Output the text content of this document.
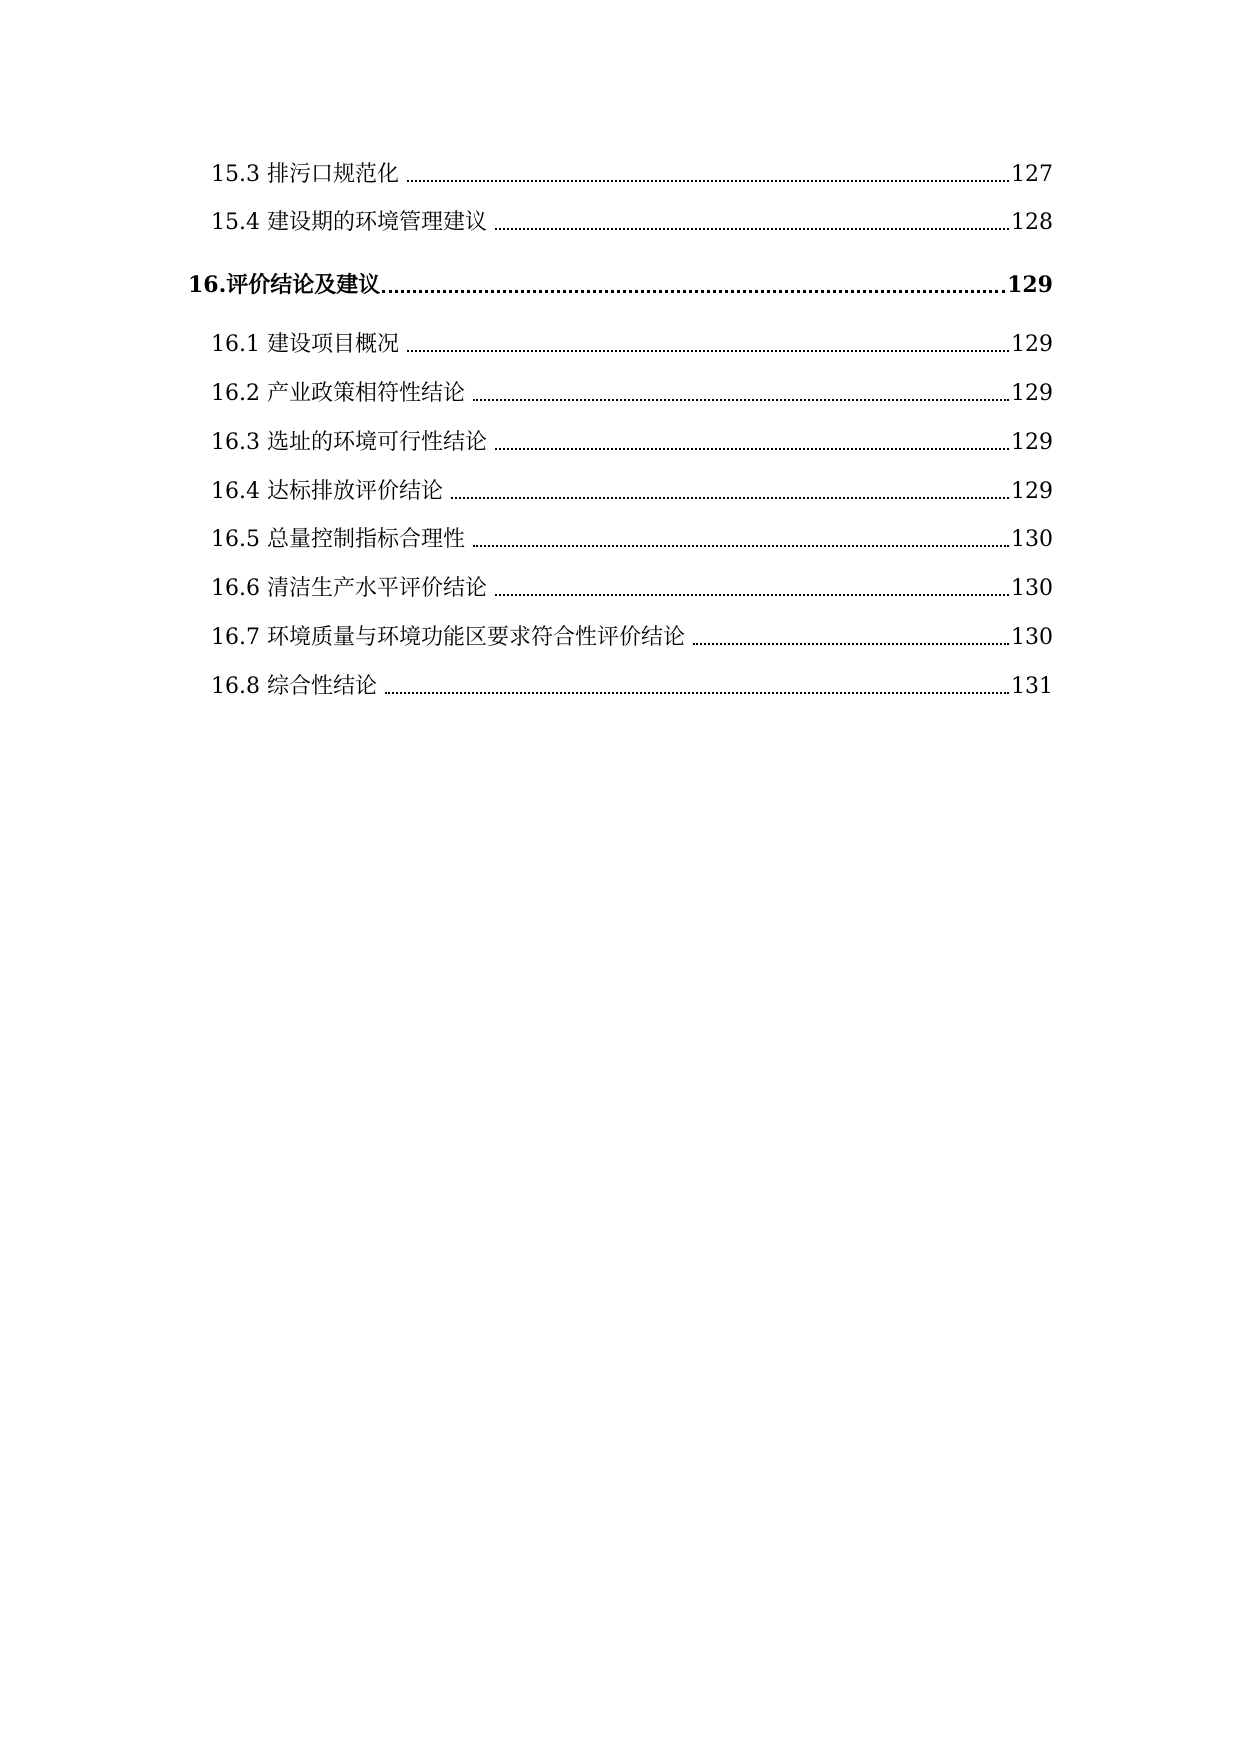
15.3 排污口规范化	127
15.4 建设期的环境管理建议	128
16.评价结论及建议	129
16.1 建设项目概况	129
16.2 产业政策相符性结论	129
16.3 选址的环境可行性结论	129
16.4 达标排放评价结论	129
16.5 总量控制指标合理性	130
16.6 清洁生产水平评价结论	130
16.7 环境质量与环境功能区要求符合性评价结论	130
16.8 综合性结论	131
